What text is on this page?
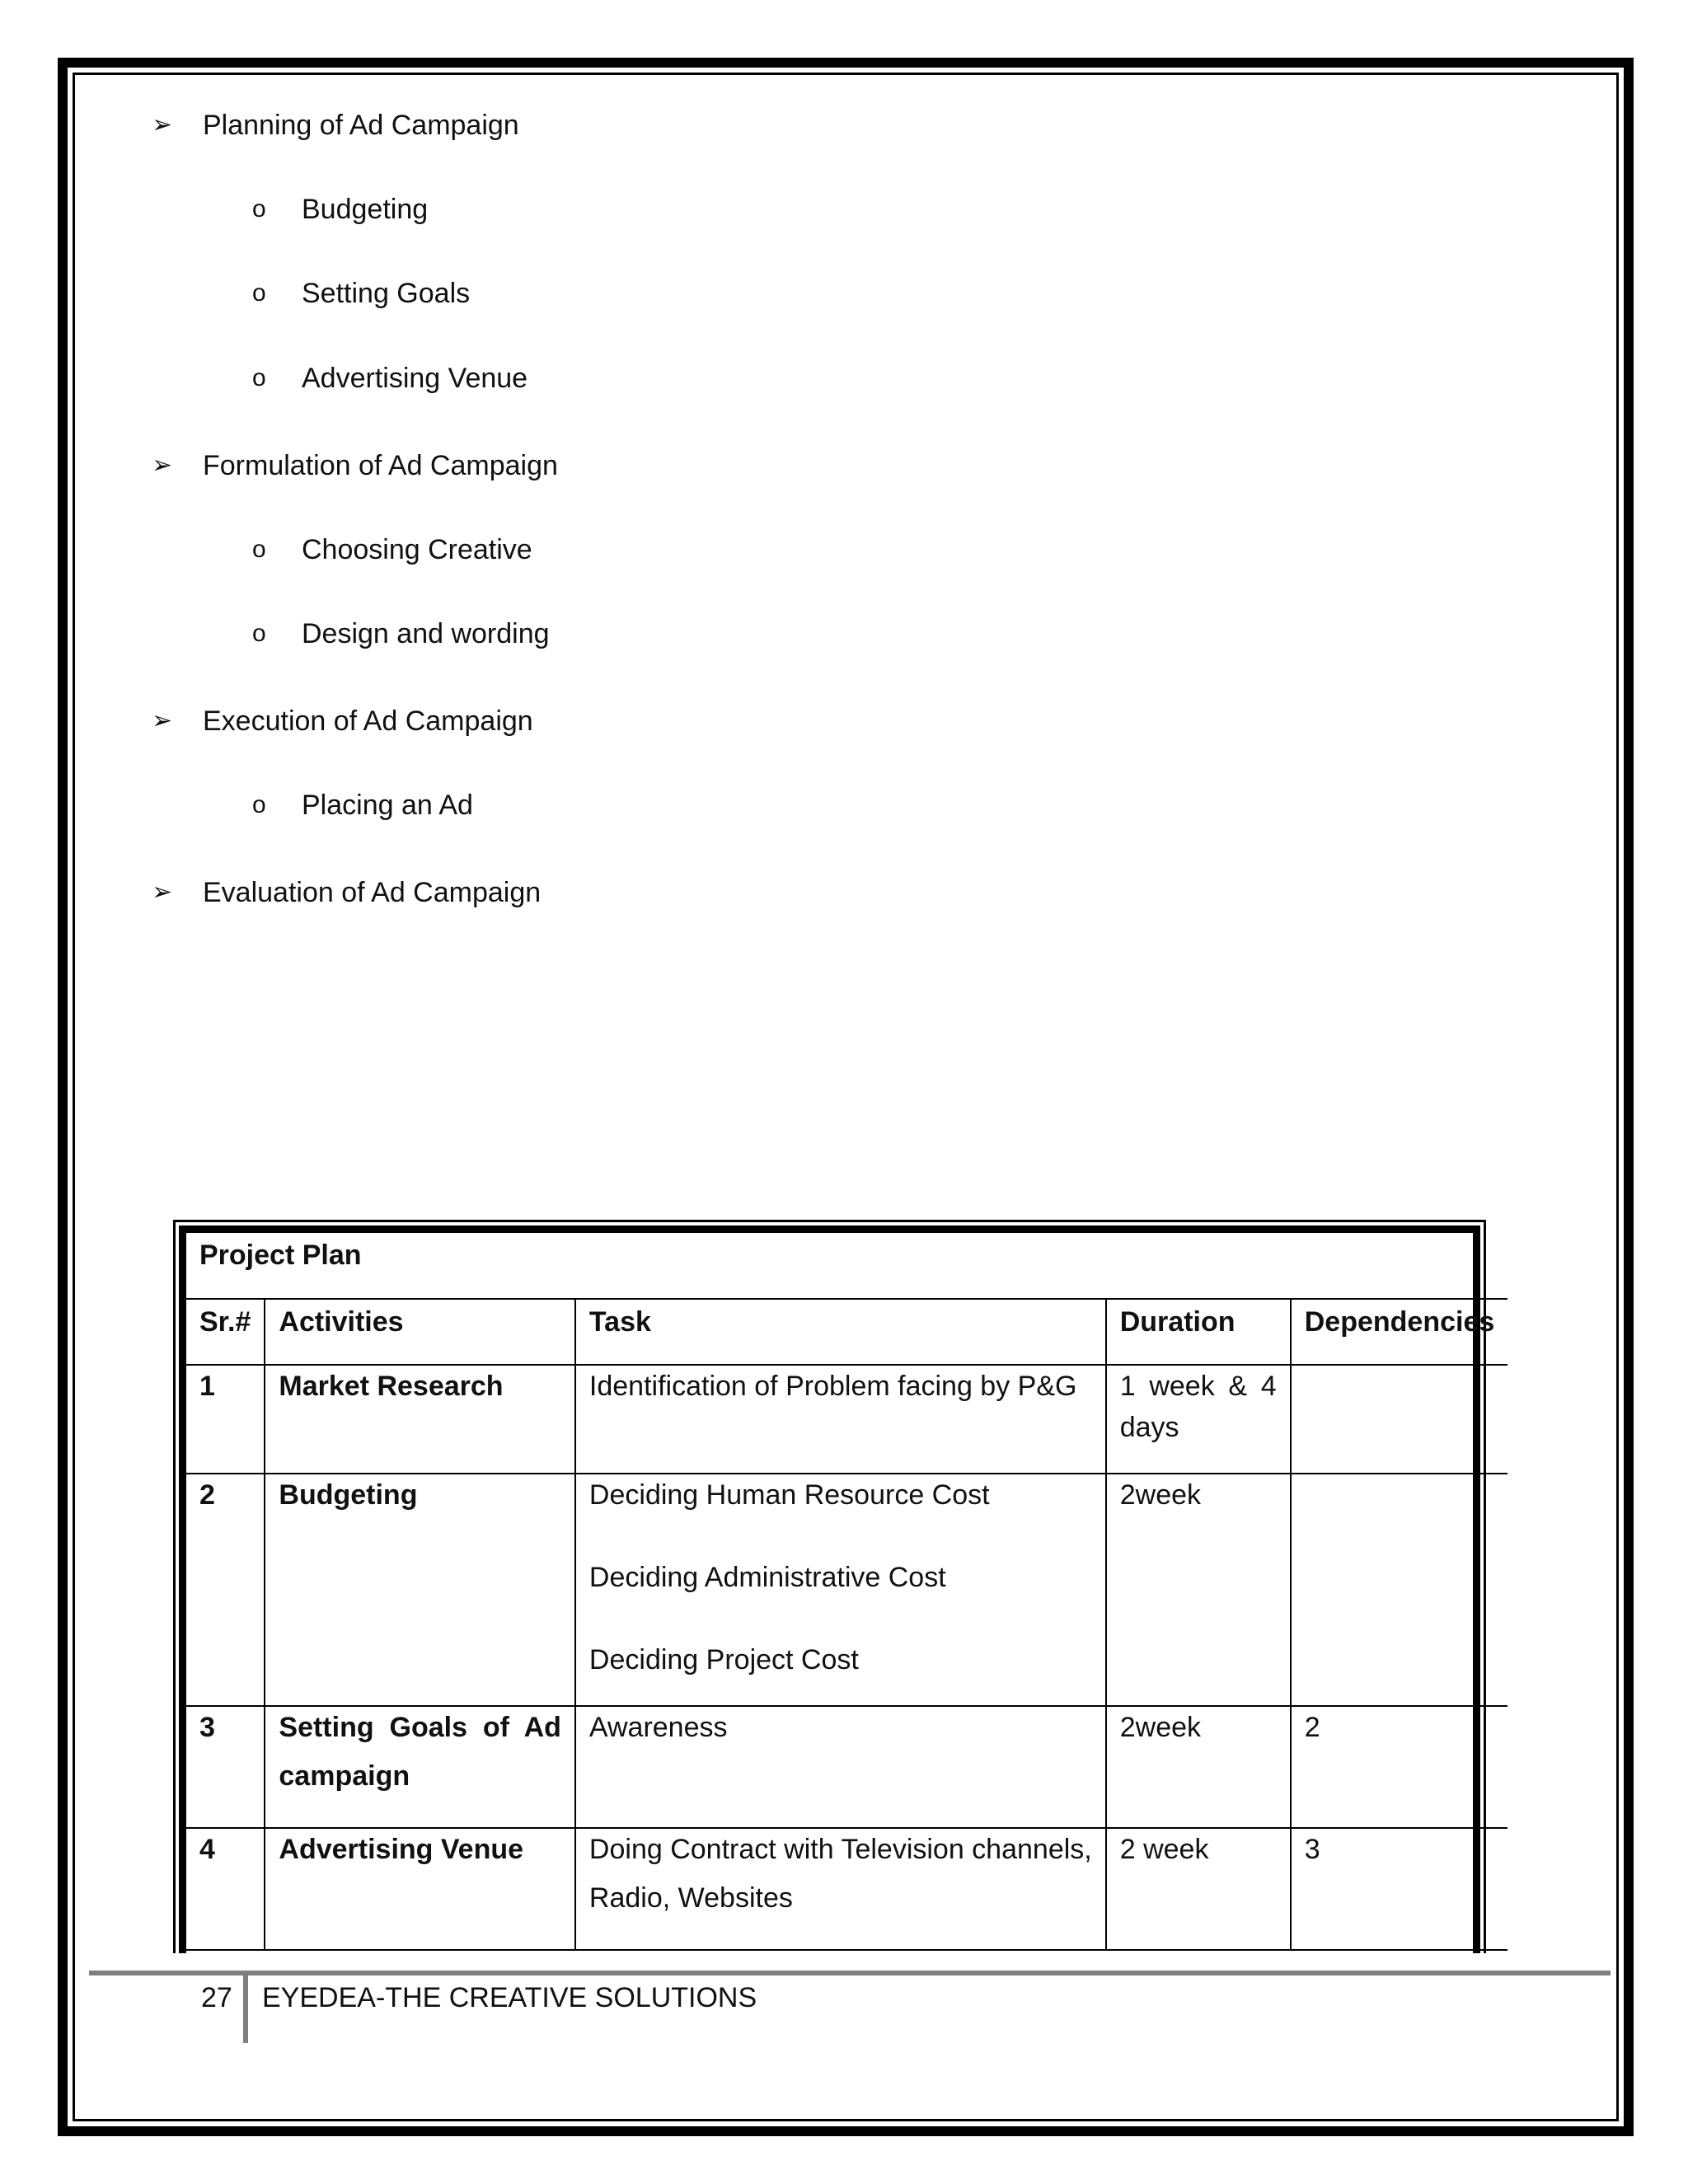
➢ Planning of Ad Campaign
o Budgeting
o Setting Goals
o Advertising Venue
➢ Formulation of Ad Campaign
o Choosing Creative
o Design and wording
➢ Execution of Ad Campaign
o Placing an Ad
➢ Evaluation of Ad Campaign
Project Plan				
Sr.#	Activities	Task	Duration	Dependencies
1	Market Research	Identification of Problem facing by P&G	1 week & 4
days	

2	Budgeting	Deciding Human Resource Cost
Deciding Administrative Cost
Deciding Project Cost	2week	
3	Setting  Goals  of  Ad
campaign	Awareness	2week	2
4	Advertising Venue	Doing Contract with Television channels,
Radio, Websites	2 week	3
27 EYEDEA-THE CREATIVE SOLUTIONS
